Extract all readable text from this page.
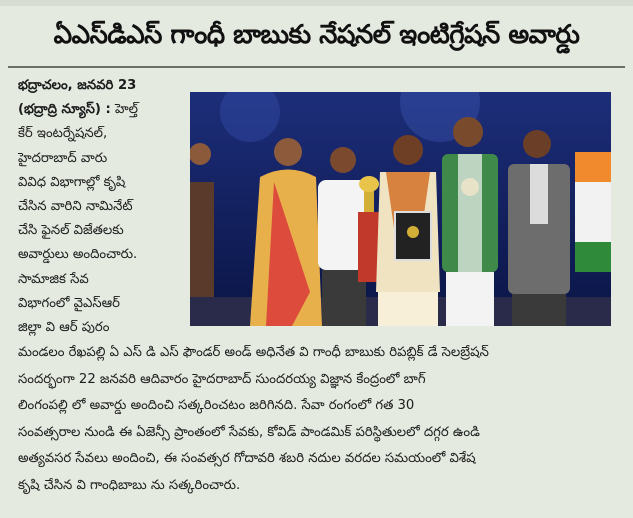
ఏఎస్‌డిఎస్ గాంధీ బాబుకు నేషనల్ ఇంటిగ్రేషన్ అవార్డు
భద్రాచలం, జనవరి 23
(భద్రాద్రి న్యూస్) : హెల్త్
కేర్ ఇంటర్నేషనల్,
హైదరాబాద్ వారు
వివిధ విభాగాల్లో కృషి
చేసిన వారిని నామినేట్
చేసి ఫైనల్ విజేతలకు
అవార్డులు అందించారు.
సామాజిక సేవ
విభాగంలో వైఎస్ఆర్
జిల్లా వి ఆర్ పురం
మండలం రేఖపల్లి ఏ ఎస్ డి ఎస్ ఫౌండర్ అండ్ అధినేత వి గాంధీ బాబుకు రిపబ్లిక్ డే సెలబ్రేషన్
సందర్భంగా 22 జనవరి ఆదివారం హైదరాబాద్ సుందరయ్య విజ్ఞాన కేంద్రంలో బాగ్
లింగంపల్లి లో అవార్డు అందించి సత్కరించటం జరిగినది. సేవా రంగంలో గత 30
సంవత్సరాల నుండి ఈ ఏజెన్సీ ప్రాంతంలో సేవకు, కోవిడ్ పాండమిక్ పరిస్థితులలో దగ్గర ఉండి
అత్యవసర సేవలు అందించి, ఈ సంవత్సర గోదావరి శబరి నదుల వరదల సమయంలో విశేష
కృషి చేసిన వి గాంధిబాబు ను సత్కరించారు.
